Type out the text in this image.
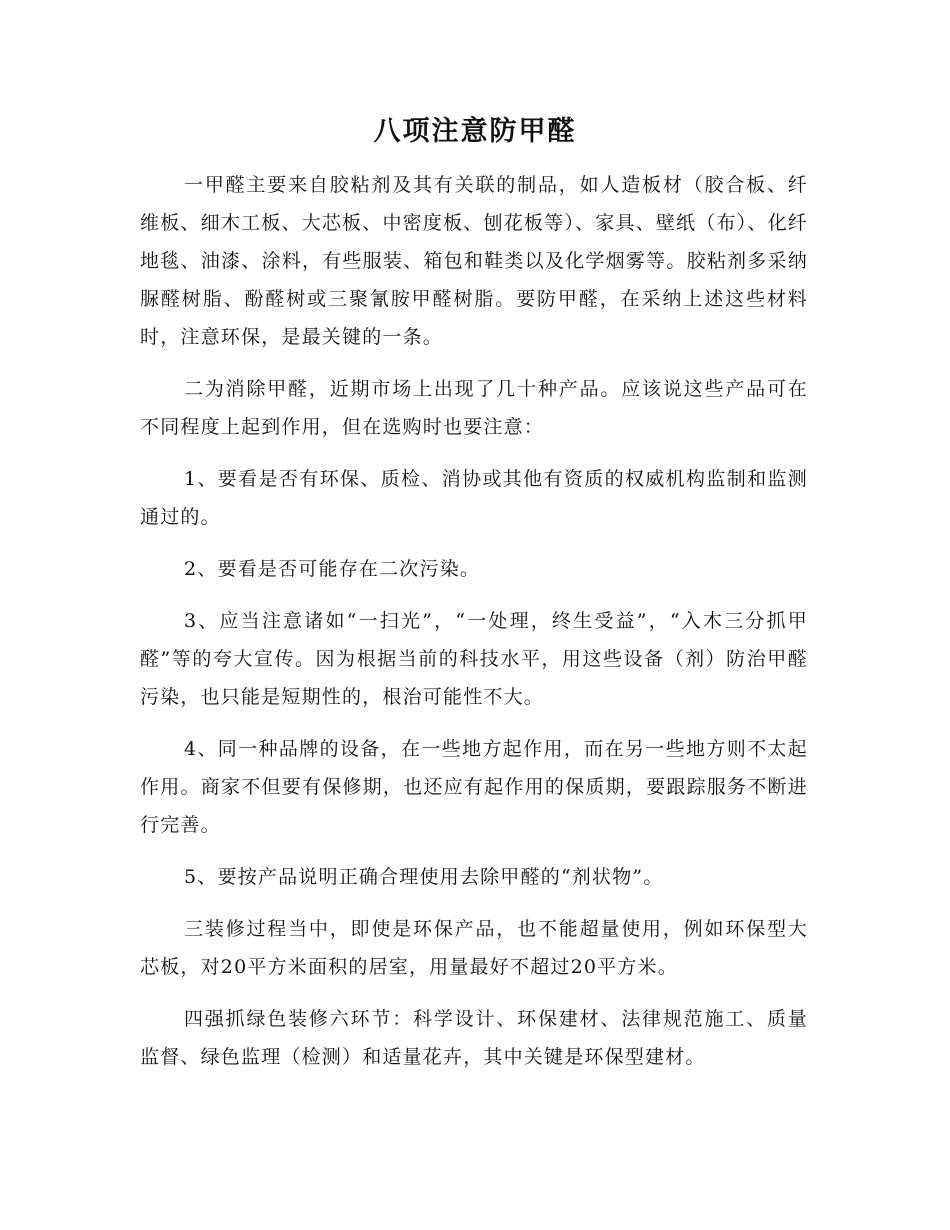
八项注意防甲醛

一甲醛主要来自胶粘剂及其有关联的制品，如人造板材（胶合板、纤维板、细木工板、大芯板、中密度板、刨花板等）、家具、壁纸（布）、化纤地毯、油漆、涂料，有些服装、箱包和鞋类以及化学烟雾等。胶粘剂多采纳脲醛树脂、酚醛树或三聚氰胺甲醛树脂。要防甲醛，在采纳上述这些材料时，注意环保，是最关键的一条。

二为消除甲醛，近期市场上出现了几十种产品。应该说这些产品可在不同程度上起到作用，但在选购时也要注意：

1、要看是否有环保、质检、消协或其他有资质的权威机构监制和监测通过的。

2、要看是否可能存在二次污染。

3、应当注意诸如“一扫光”，“一处理，终生受益”，“入木三分抓甲醛”等的夸大宣传。因为根据当前的科技水平，用这些设备（剂）防治甲醛污染，也只能是短期性的，根治可能性不大。

4、同一种品牌的设备，在一些地方起作用，而在另一些地方则不太起作用。商家不但要有保修期，也还应有起作用的保质期，要跟踪服务不断进行完善。

5、要按产品说明正确合理使用去除甲醛的“剂状物”。

三装修过程当中，即使是环保产品，也不能超量使用，例如环保型大芯板，对20平方米面积的居室，用量最好不超过20平方米。

四强抓绿色装修六环节：科学设计、环保建材、法律规范施工、质量监督、绿色监理（检测）和适量花卉，其中关键是环保型建材。
